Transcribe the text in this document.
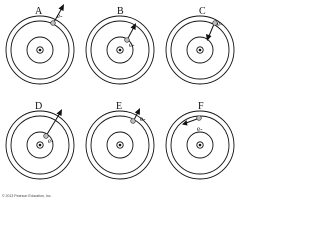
A e-	B
e-
C
e-
D
e-
E
e-
F
e-
© 2013 Pearson Education, Inc.
